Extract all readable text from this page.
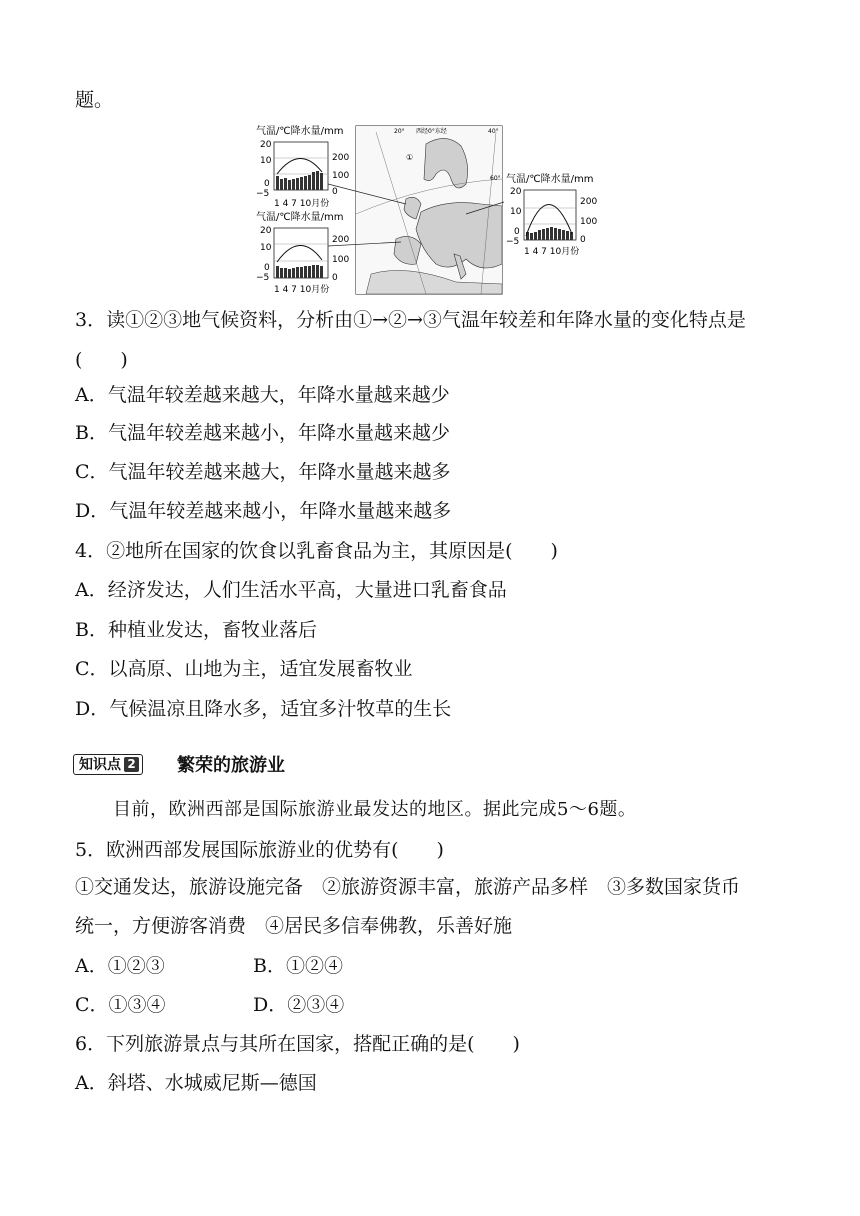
题。
气温/℃降水量/mm
20
10
0
−5
200
100
0
1 4 7 10月份
气温/℃降水量/mm
20
10
0
−5
200
100
0
1 4 7 10月份
20° 西经0°东经	40°
60°
①
气温/℃降水量/mm
20
10
0
−5
200
100
0
1 4 7 10月份
3．读①②③地气候资料，分析由①→②→③气温年较差和年降水量的变化特点是
(　　)
A．气温年较差越来越大，年降水量越来越少
B．气温年较差越来越小，年降水量越来越少
C．气温年较差越来越大，年降水量越来越多
D．气温年较差越来越小，年降水量越来越多
4．②地所在国家的饮食以乳畜食品为主，其原因是(　　)
A．经济发达，人们生活水平高，大量进口乳畜食品
B．种植业发达，畜牧业落后
C．以高原、山地为主，适宜发展畜牧业
D．气候温凉且降水多，适宜多汁牧草的生长
知识点 2 繁荣的旅游业
目前，欧洲西部是国际旅游业最发达的地区。据此完成5～6题。
5．欧洲西部发展国际旅游业的优势有(　　)
①交通发达，旅游设施完备　②旅游资源丰富，旅游产品多样　③多数国家货币
统一，方便游客消费　④居民多信奉佛教，乐善好施
A．①②③	B．①②④
C．①③④	D．②③④
6．下列旅游景点与其所在国家，搭配正确的是(　　)
A．斜塔、水城威尼斯—德国
